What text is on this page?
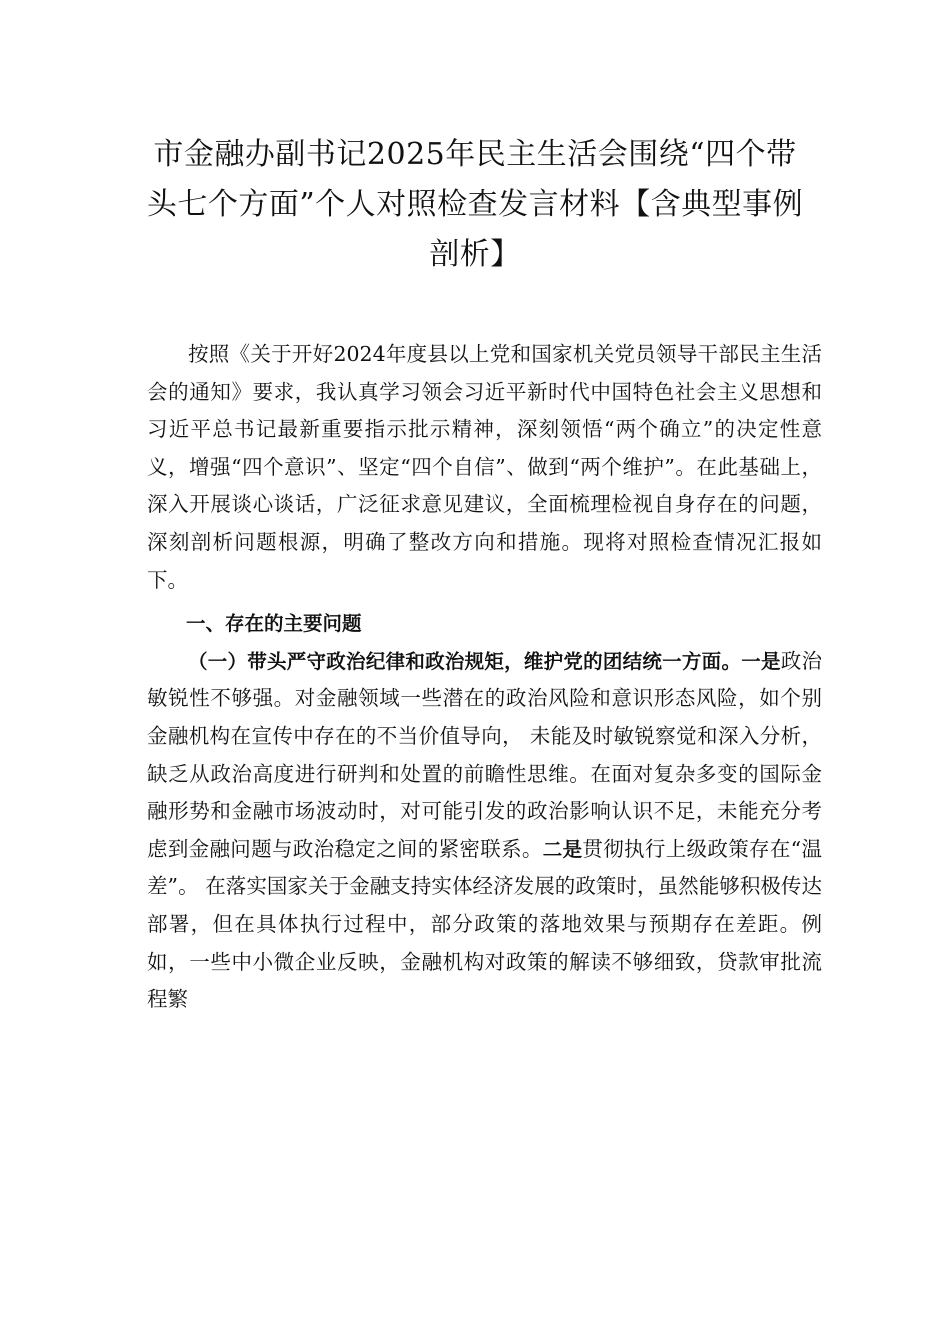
市金融办副书记2025年民主生活会围绕“四个带头七个方面”个人对照检查发言材料【含典型事例剖析】

按照《关于开好2024年度县以上党和国家机关党员领导干部民主生活会的通知》要求，我认真学习领会习近平新时代中国特色社会主义思想和习近平总书记最新重要指示批示精神，深刻领悟“两个确立”的决定性意义，增强“四个意识”、坚定“四个自信”、做到“两个维护”。在此基础上，深入开展谈心谈话，广泛征求意见建议，全面梳理检视自身存在的问题，深刻剖析问题根源，明确了整改方向和措施。现将对照检查情况汇报如下。

一、存在的主要问题

（一）带头严守政治纪律和政治规矩，维护党的团结统一方面。一是政治敏锐性不够强。对金融领域一些潜在的政治风险和意识形态风险，如个别金融机构在宣传中存在的不当价值导向， 未能及时敏锐察觉和深入分析，缺乏从政治高度进行研判和处置的前瞻性思维。在面对复杂多变的国际金融形势和金融市场波动时，对可能引发的政治影响认识不足，未能充分考虑到金融问题与政治稳定之间的紧密联系。二是贯彻执行上级政策存在“温差”。 在落实国家关于金融支持实体经济发展的政策时，虽然能够积极传达部署，但在具体执行过程中，部分政策的落地效果与预期存在差距。例如，一些中小微企业反映，金融机构对政策的解读不够细致，贷款审批流程繁
